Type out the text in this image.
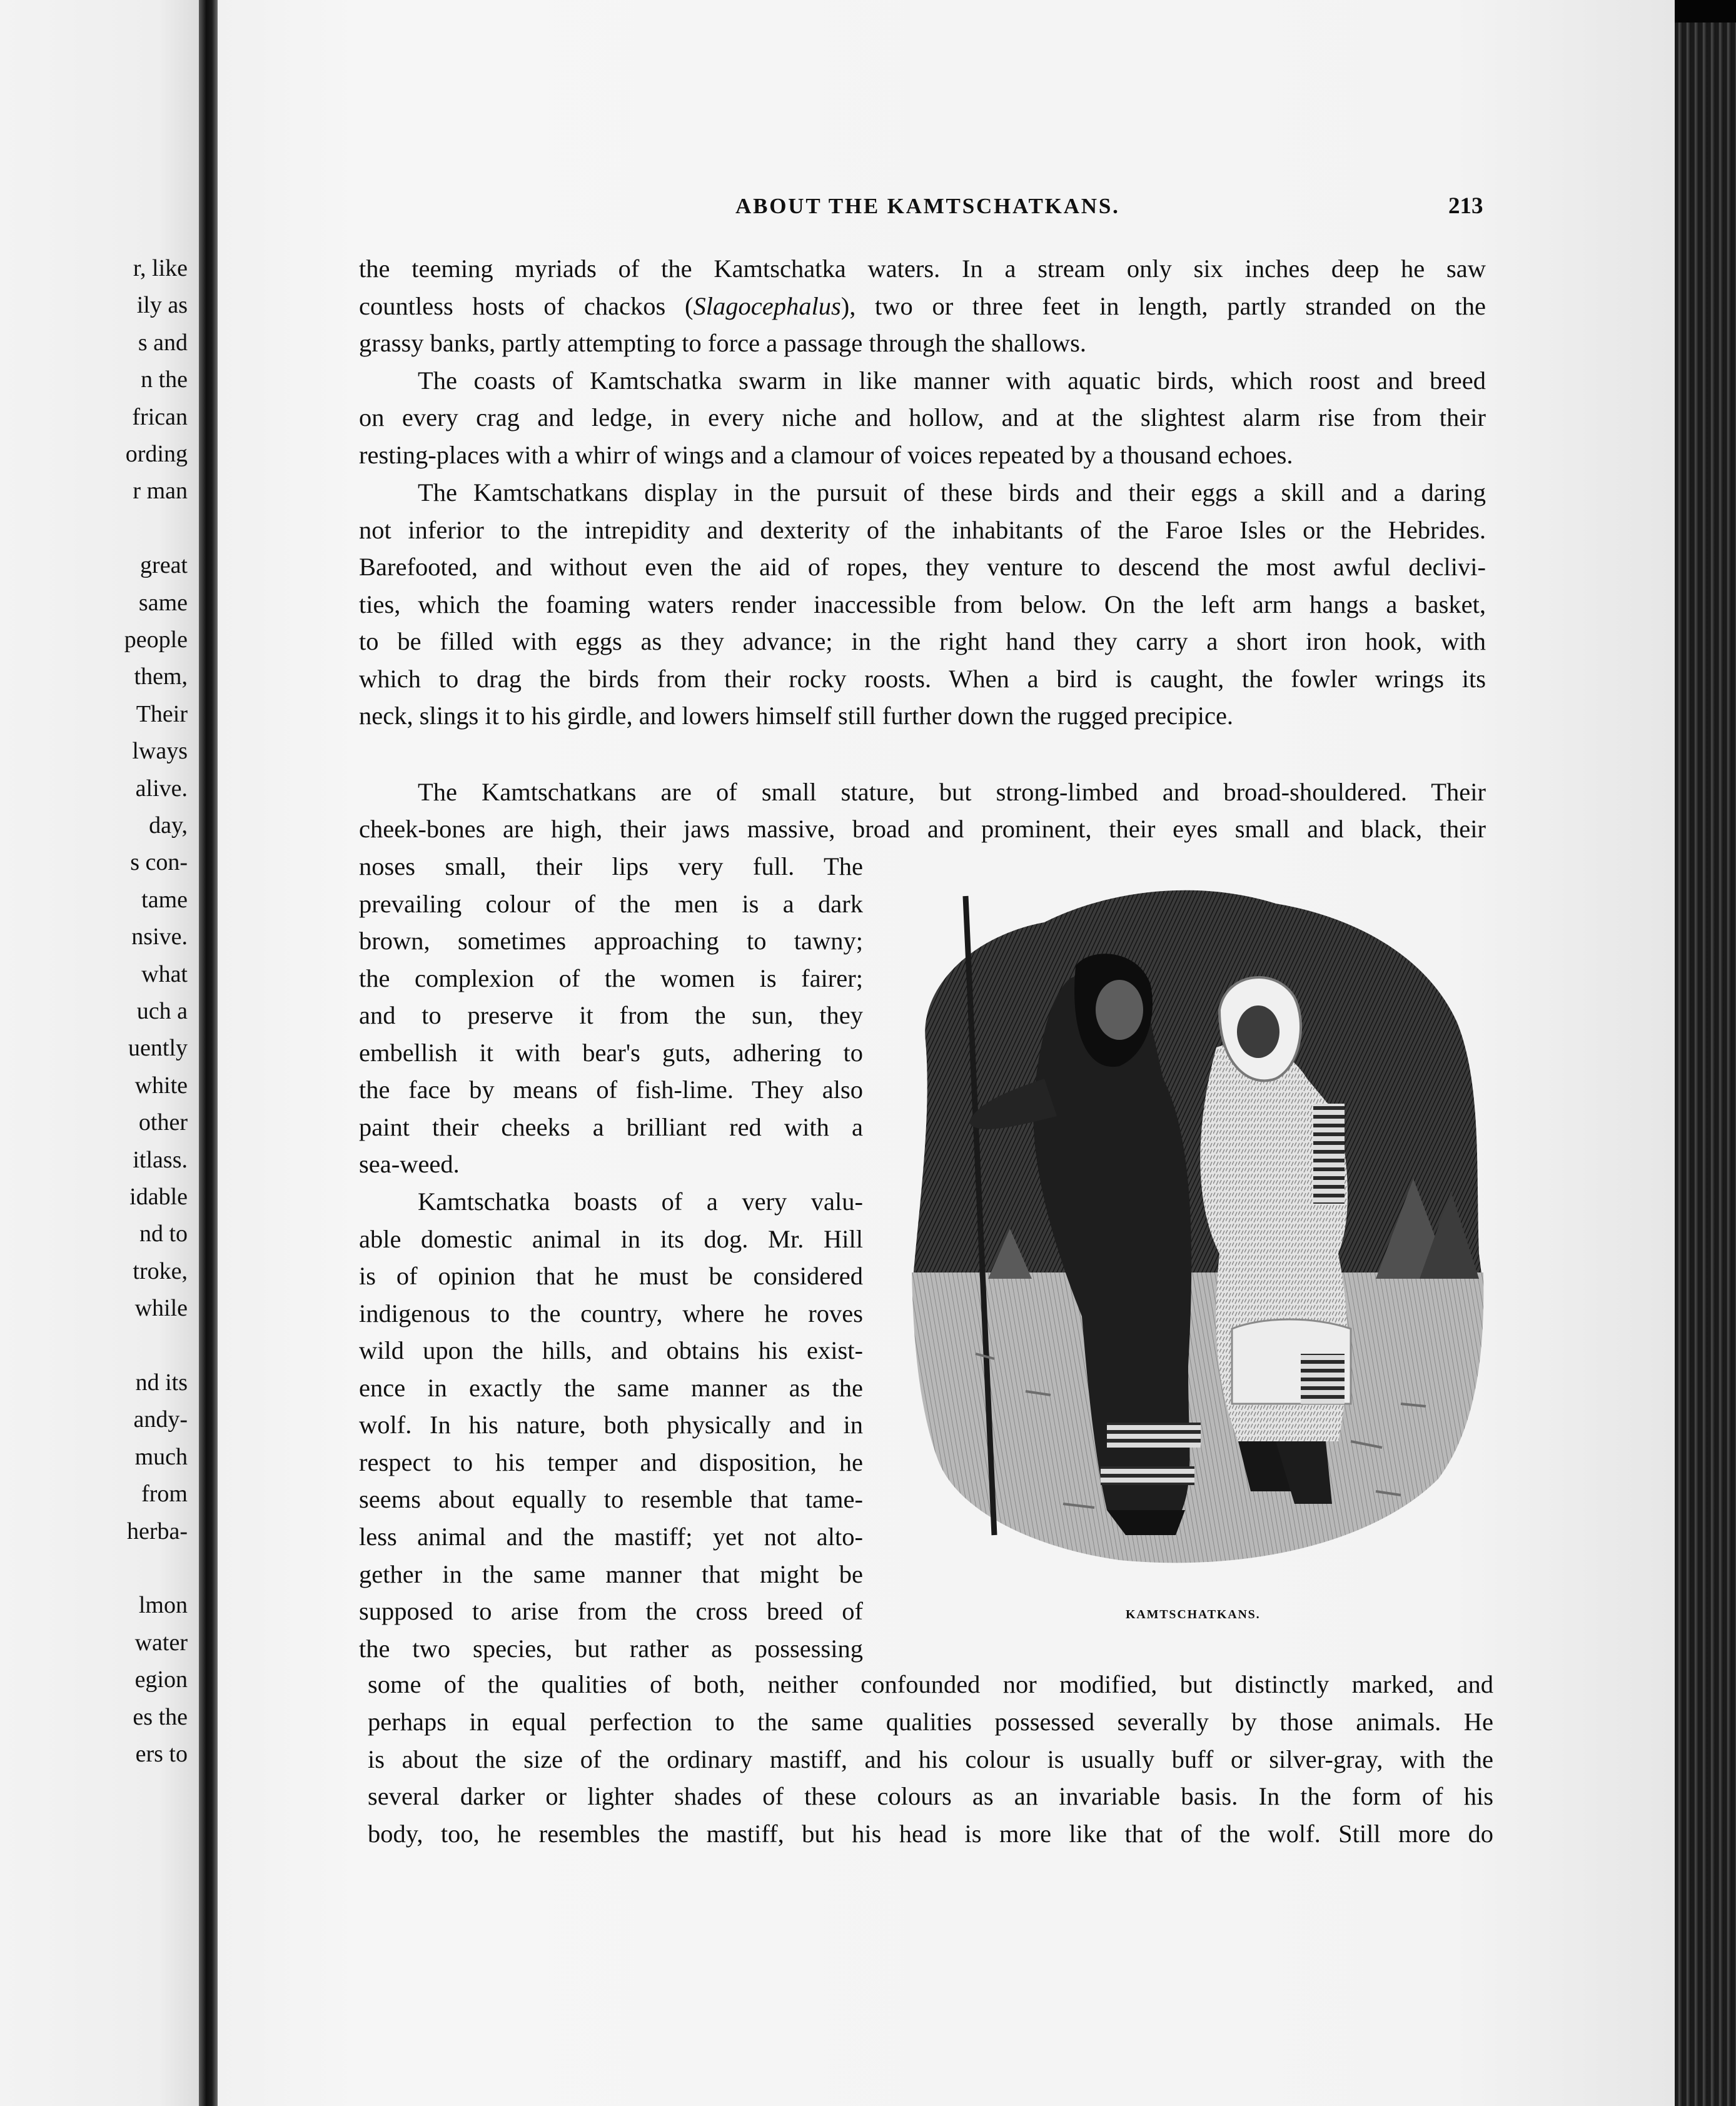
r, like
ily as
s and
n the
frican
ording
r man
great
same
people
them,
Their
lways
alive.
day,
s con-
tame
nsive.
what
uch a
uently
white
other
itlass.
idable
nd to
troke,
while
nd its
andy-
much
from
herba-
lmon
water
egion
es the
ers to
ABOUT THE KAMTSCHATKANS.	213
the teeming myriads of the Kamtschatka waters. In a stream only six inches deep he saw
countless hosts of chackos (Slagocephalus), two or three feet in length, partly stranded on the
grassy banks, partly attempting to force a passage through the shallows.
The coasts of Kamtschatka swarm in like manner with aquatic birds, which roost and breed
on every crag and ledge, in every niche and hollow, and at the slightest alarm rise from their
resting-places with a whirr of wings and a clamour of voices repeated by a thousand echoes.
The Kamtschatkans display in the pursuit of these birds and their eggs a skill and a daring
not inferior to the intrepidity and dexterity of the inhabitants of the Faroe Isles or the Hebrides.
Barefooted, and without even the aid of ropes, they venture to descend the most awful declivi-
ties, which the foaming waters render inaccessible from below. On the left arm hangs a basket,
to be filled with eggs as they advance; in the right hand they carry a short iron hook, with
which to drag the birds from their rocky roosts. When a bird is caught, the fowler wrings its
neck, slings it to his girdle, and lowers himself still further down the rugged precipice.
The Kamtschatkans are of small stature, but strong-limbed and broad-shouldered. Their
cheek-bones are high, their jaws massive, broad and prominent, their eyes small and black, their
noses small, their lips very full. The
prevailing colour of the men is a dark
brown, sometimes approaching to tawny;
the complexion of the women is fairer;
and to preserve it from the sun, they
embellish it with bear's guts, adhering to
the face by means of fish-lime. They also
paint their cheeks a brilliant red with a
sea-weed.
Kamtschatka boasts of a very valu-
able domestic animal in its dog. Mr. Hill
is of opinion that he must be considered
indigenous to the country, where he roves
wild upon the hills, and obtains his exist-
ence in exactly the same manner as the
wolf. In his nature, both physically and in
respect to his temper and disposition, he
seems about equally to resemble that tame-
less animal and the mastiff; yet not alto-
gether in the same manner that might be
supposed to arise from the cross breed of
the two species, but rather as possessing
some of the qualities of both, neither confounded nor modified, but distinctly marked, and
perhaps in equal perfection to the same qualities possessed severally by those animals. He
is about the size of the ordinary mastiff, and his colour is usually buff or silver-gray, with the
several darker or lighter shades of these colours as an invariable basis. In the form of his
body, too, he resembles the mastiff, but his head is more like that of the wolf. Still more do
KAMTSCHATKANS.
